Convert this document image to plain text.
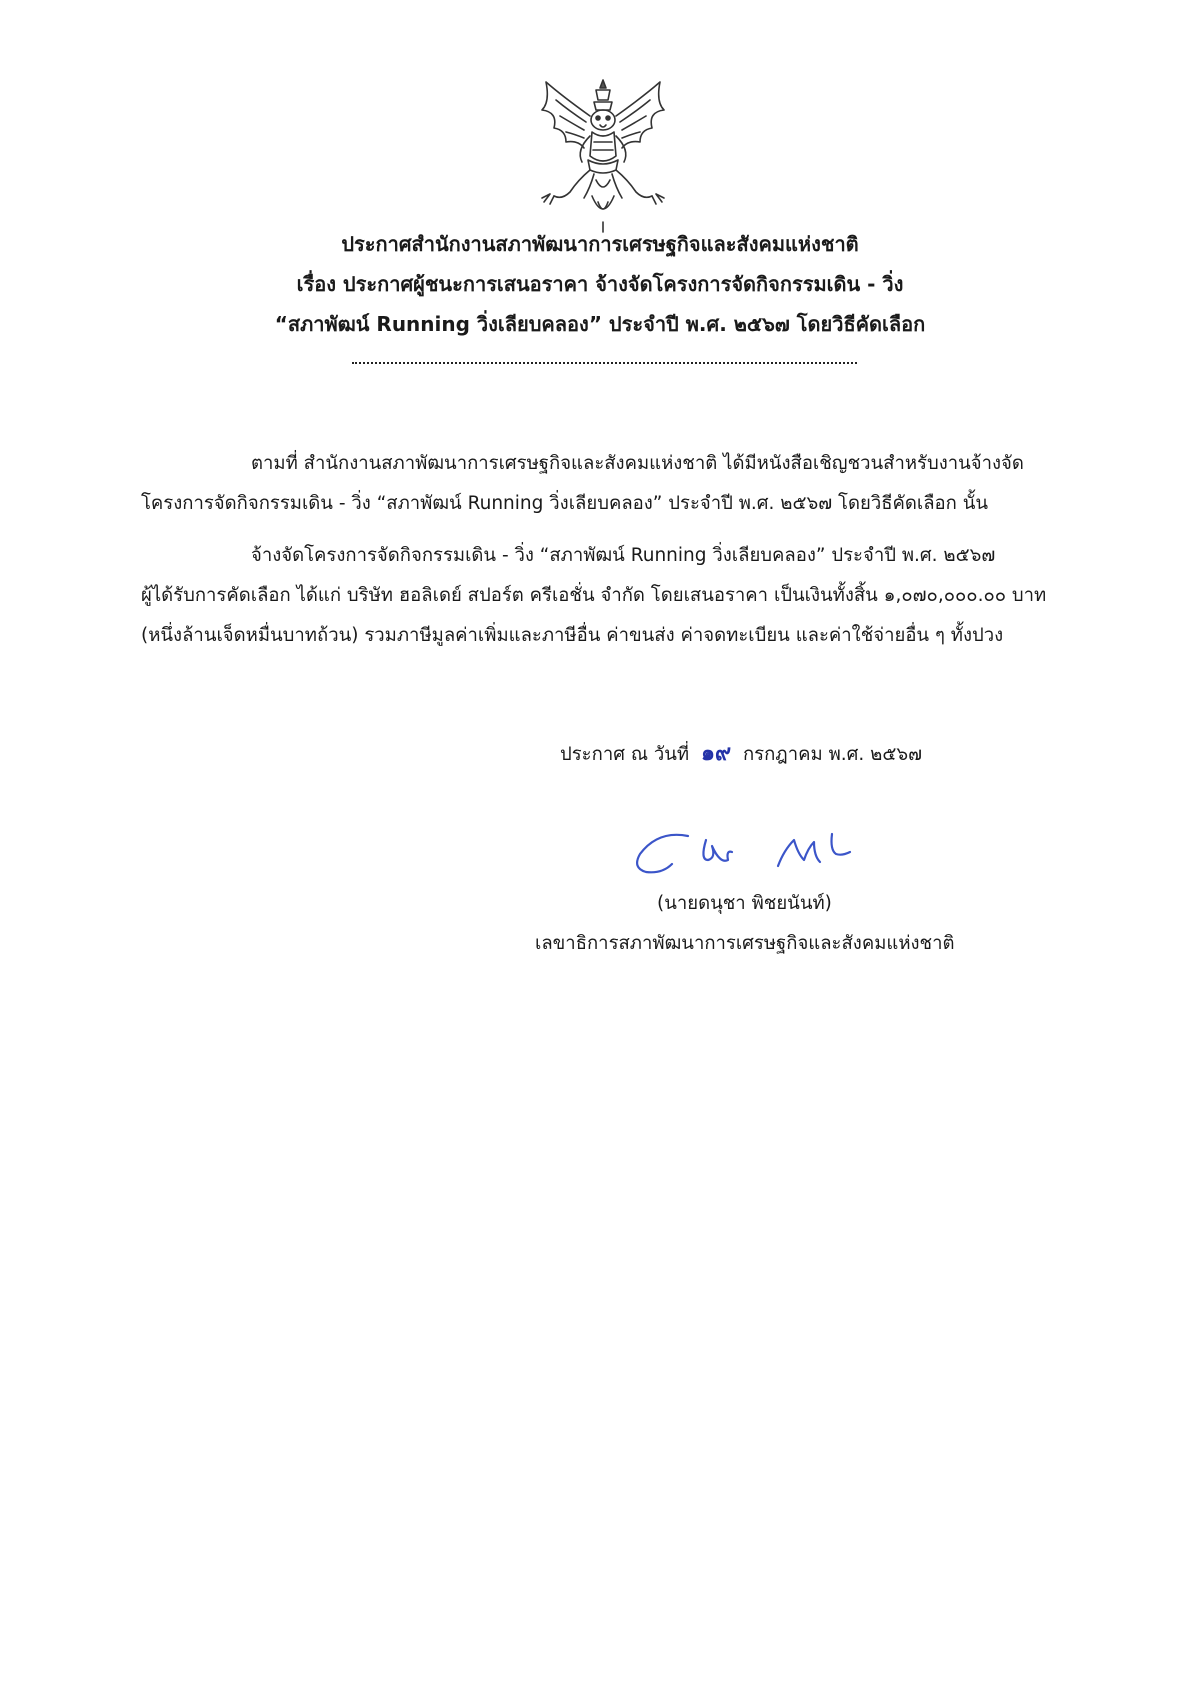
ประกาศสำนักงานสภาพัฒนาการเศรษฐกิจและสังคมแห่งชาติ
เรื่อง ประกาศผู้ชนะการเสนอราคา จ้างจัดโครงการจัดกิจกรรมเดิน - วิ่ง
“สภาพัฒน์ Running วิ่งเลียบคลอง” ประจำปี พ.ศ. ๒๕๖๗ โดยวิธีคัดเลือก
ตามที่ สำนักงานสภาพัฒนาการเศรษฐกิจและสังคมแห่งชาติ ได้มีหนังสือเชิญชวนสำหรับงานจ้างจัด
โครงการจัดกิจกรรมเดิน - วิ่ง “สภาพัฒน์ Running วิ่งเลียบคลอง” ประจำปี พ.ศ. ๒๕๖๗ โดยวิธีคัดเลือก นั้น
จ้างจัดโครงการจัดกิจกรรมเดิน - วิ่ง “สภาพัฒน์ Running วิ่งเลียบคลอง” ประจำปี พ.ศ. ๒๕๖๗
ผู้ได้รับการคัดเลือก ได้แก่ บริษัท ฮอลิเดย์ สปอร์ต ครีเอชั่น จำกัด โดยเสนอราคา เป็นเงินทั้งสิ้น ๑,๐๗๐,๐๐๐.๐๐ บาท
(หนึ่งล้านเจ็ดหมื่นบาทถ้วน) รวมภาษีมูลค่าเพิ่มและภาษีอื่น ค่าขนส่ง ค่าจดทะเบียน และค่าใช้จ่ายอื่น ๆ ทั้งปวง
ประกาศ ณ วันที่ ๑๙ กรกฎาคม พ.ศ. ๒๕๖๗
(นายดนุชา พิชยนันท์)
เลขาธิการสภาพัฒนาการเศรษฐกิจและสังคมแห่งชาติ
